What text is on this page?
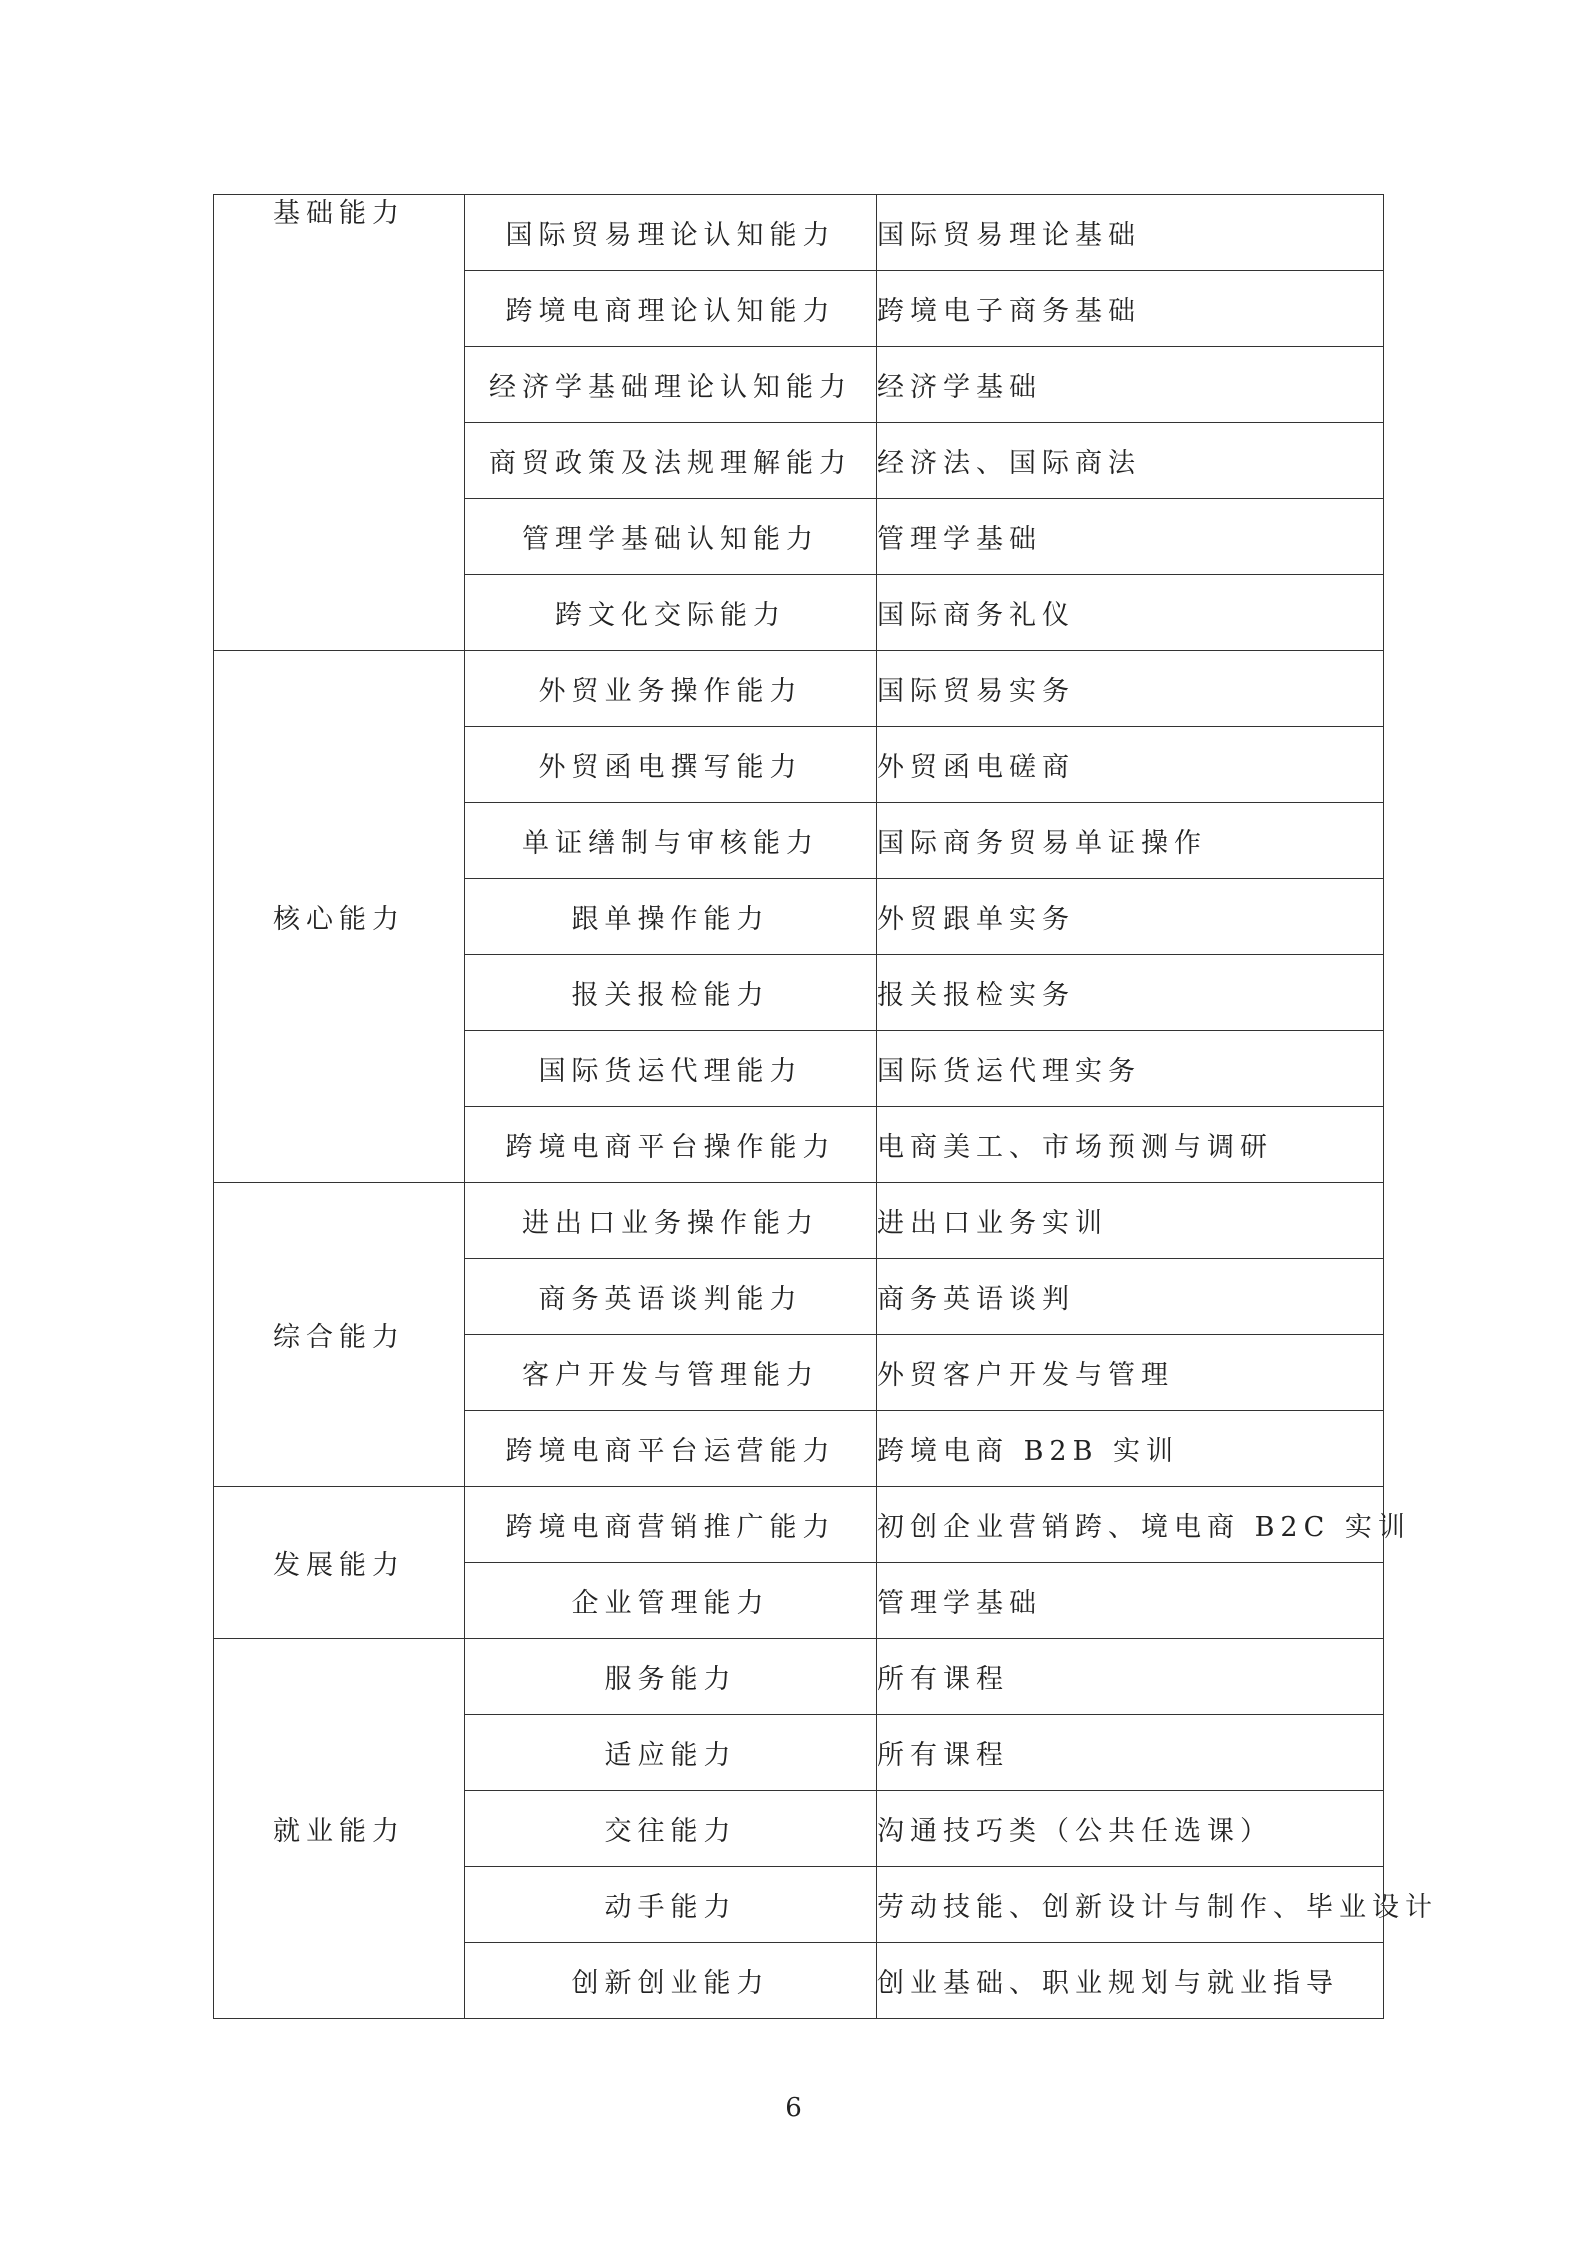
基础能力	国际贸易理论认知能力	国际贸易理论基础
	跨境电商理论认知能力	跨境电子商务基础
	经济学基础理论认知能力	经济学基础
	商贸政策及法规理解能力	经济法、国际商法
	管理学基础认知能力	管理学基础
	跨文化交际能力	国际商务礼仪
核心能力	外贸业务操作能力	国际贸易实务
	外贸函电撰写能力	外贸函电磋商
	单证缮制与审核能力	国际商务贸易单证操作
	跟单操作能力	外贸跟单实务
	报关报检能力	报关报检实务
	国际货运代理能力	国际货运代理实务
	跨境电商平台操作能力	电商美工、市场预测与调研
综合能力	进出口业务操作能力	进出口业务实训
	商务英语谈判能力	商务英语谈判
	客户开发与管理能力	外贸客户开发与管理
	跨境电商平台运营能力	跨境电商 B2B 实训
发展能力	跨境电商营销推广能力	初创企业营销跨、境电商 B2C 实训
	企业管理能力	管理学基础
就业能力	服务能力	所有课程
	适应能力	所有课程
	交往能力	沟通技巧类（公共任选课）
	动手能力	劳动技能、创新设计与制作、毕业设计
	创新创业能力	创业基础、职业规划与就业指导
6
